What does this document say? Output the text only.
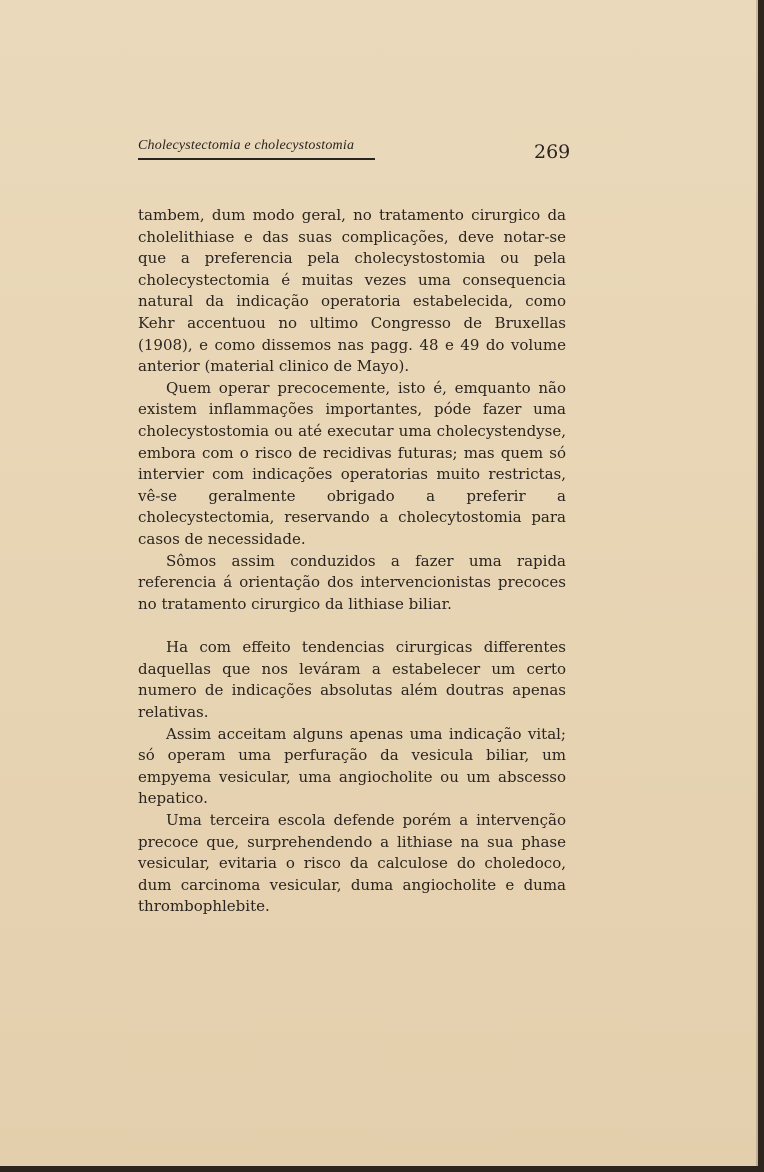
Cholecystectomia e cholecystostomia	269

tambem, dum modo geral, no tratamento cirurgico da cholelithiase e das suas complicações, deve notar-se que a preferencia pela cholecystostomia ou pela cholecystectomia é muitas vezes uma consequencia natural da indicação operatoria estabelecida, como Kehr accentuou no ultimo Congresso de Bruxellas (1908), e como dissemos nas pagg. 48 e 49 do volume anterior (material clinico de Mayo).

Quem operar precocemente, isto é, emquanto não existem inflammações importantes, póde fazer uma cholecystostomia ou até executar uma cholecystendyse, embora com o risco de recidivas futuras; mas quem só intervier com indicações operatorias muito restrictas, vê-se geralmente obrigado a preferir a cholecystectomia, reservando a cholecytostomia para casos de necessidade.

Sômos assim conduzidos a fazer uma rapida referencia á orientação dos intervencionistas precoces no tratamento cirurgico da lithiase biliar.

Ha com effeito tendencias cirurgicas differentes daquellas que nos leváram a estabelecer um certo numero de indicações absolutas além doutras apenas relativas.

Assim acceitam alguns apenas uma indicação vital; só operam uma perfuração da vesicula biliar, um empyema vesicular, uma angiocholite ou um abscesso hepatico.

Uma terceira escola defende porém a intervenção precoce que, surprehendendo a lithiase na sua phase vesicular, evitaria o risco da calculose do choledoco, dum carcinoma vesicular, duma angiocholite e duma thrombophlebite.
